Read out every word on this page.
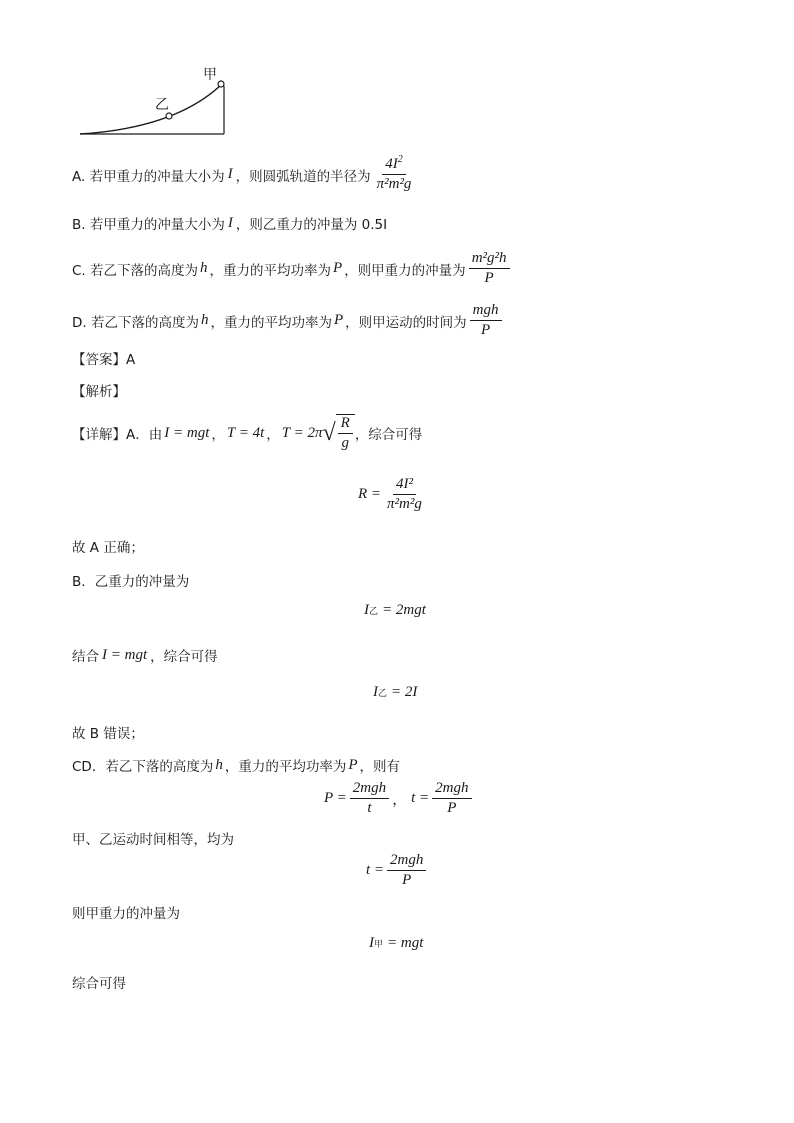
甲
乙
A. 若甲重力的冲量大小为 I ，则圆弧轨道的半径为 $\frac{4I^2}{\text{π²m²g}}$
B. 若甲重力的冲量大小为 I ，则乙重力的冲量为 0.5I
C. 若乙下落的高度为 h ，重力的平均功率为 P ，则甲重力的冲量为 $\frac{\text{m²g²h}}{P}$
D. 若乙下落的高度为 h ，重力的平均功率为 P ，则甲运动的时间为 $\frac{\text{mgh}}{P}$
【答案】A
【解析】
【详解】A．由 I = mgt ， T = 4t ， T = 2π √ $\frac{R}{g}$ ，综合可得
$R = \frac{\text{4I²}}{\text{π²m²g}}$
故 A 正确；
B．乙重力的冲量为
I 乙 = 2mgt
结合 I = mgt ，综合可得
I 乙 = 2I
故 B 错误；
CD．若乙下落的高度为 h ，重力的平均功率为 P ，则有
$P = \frac{\text{2mgh}}{t}$ ， $t = \frac{\text{2mgh}}{P}$
甲、乙运动时间相等，均为
$t = \frac{\text{2mgh}}{P}$
则甲重力的冲量为
I 甲 = mgt
综合可得
